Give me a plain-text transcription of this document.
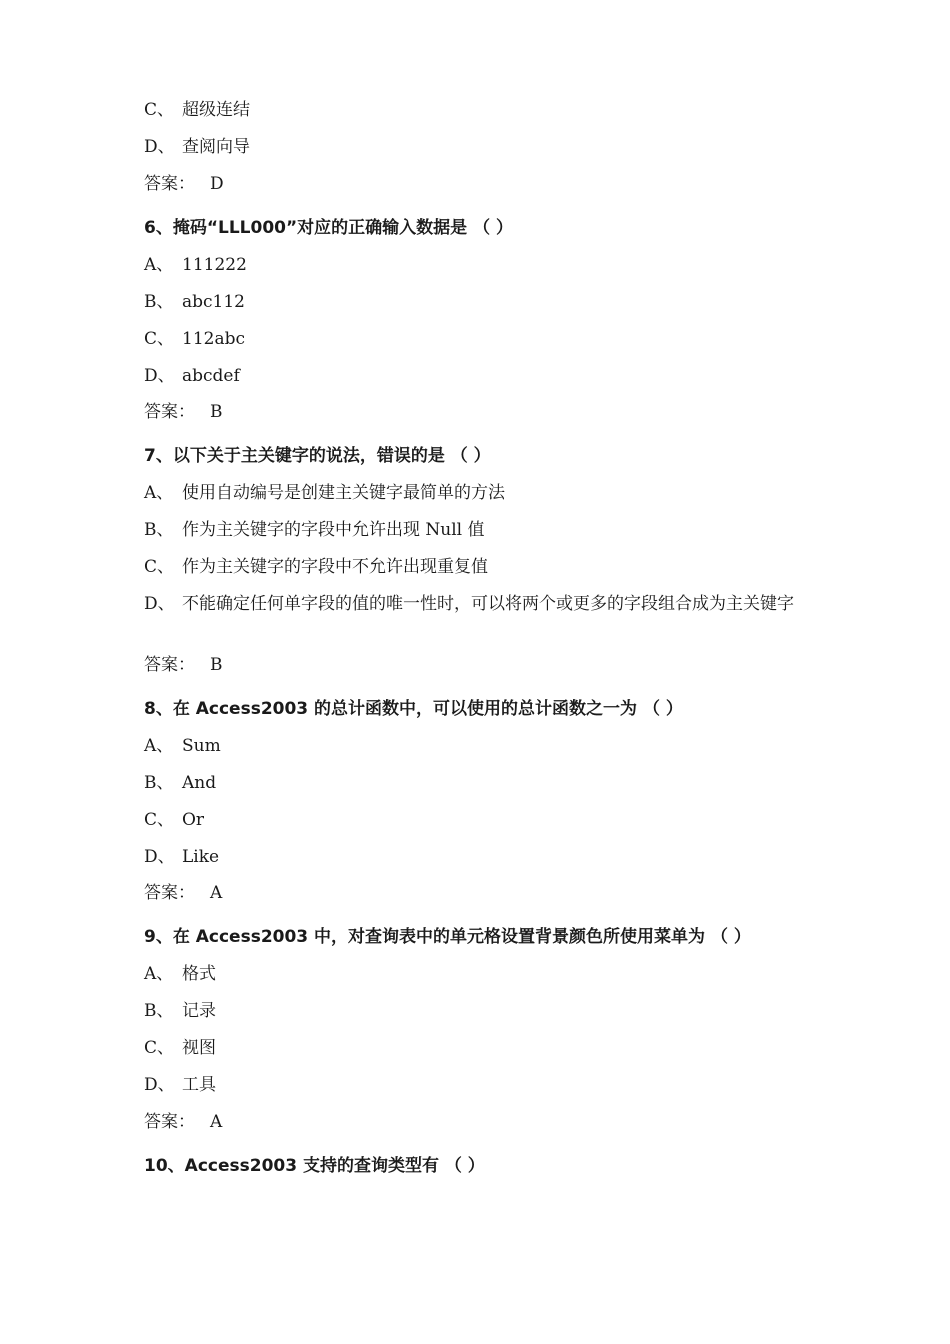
C、 超级连结
D、 查阅向导
答案： D
6、掩码“LLL000”对应的正确输入数据是 （ ）
A、 111222
B、 abc112
C、 112abc
D、 abcdef
答案： B
7、以下关于主关键字的说法，错误的是 （ ）
A、 使用自动编号是创建主关键字最简单的方法
B、 作为主关键字的字段中允许出现 Null 值
C、 作为主关键字的字段中不允许出现重复值
D、 不能确定任何单字段的值的唯一性时，可以将两个或更多的字段组合成为主关键字
答案： B
8、在 Access2003 的总计函数中，可以使用的总计函数之一为 （ ）
A、 Sum
B、 And
C、 Or
D、 Like
答案： A
9、在 Access2003 中，对查询表中的单元格设置背景颜色所使用菜单为 （ ）
A、 格式
B、 记录
C、 视图
D、 工具
答案： A
10、Access2003 支持的查询类型有 （ ）
